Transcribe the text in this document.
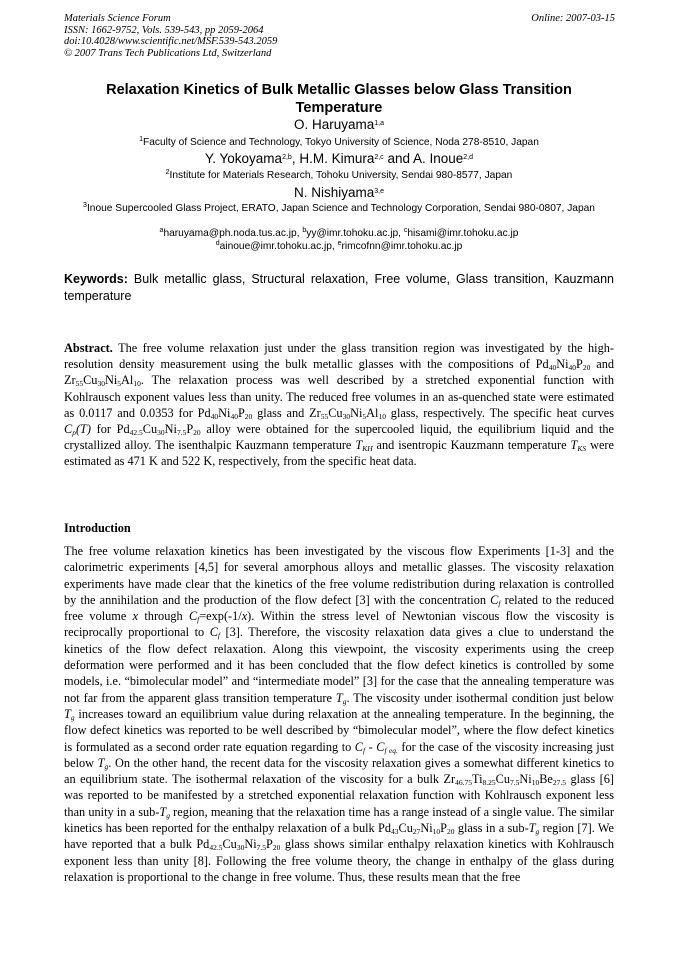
Materials Science Forum
ISSN: 1662-9752, Vols. 539-543, pp 2059-2064
doi:10.4028/www.scientific.net/MSF.539-543.2059
© 2007 Trans Tech Publications Ltd, Switzerland
Online: 2007-03-15
Relaxation Kinetics of Bulk Metallic Glasses below Glass Transition Temperature
O. Haruyama$^{1,a}$
$^1$Faculty of Science and Technology, Tokyo University of Science, Noda 278-8510, Japan
Y. Yokoyama$^{2,b}$, H.M. Kimura$^{2,c}$ and A. Inoue$^{2,d}$
$^2$Institute for Materials Research, Tohoku University, Sendai 980-8577, Japan
N. Nishiyama$^{3,e}$
$^3$Inoue Supercooled Glass Project, ERATO, Japan Science and Technology Corporation, Sendai 980-0807, Japan
$^a$haruyama@ph.noda.tus.ac.jp, $^b$yy@imr.tohoku.ac.jp, $^c$hisami@imr.tohoku.ac.jp
$^d$ainoue@imr.tohoku.ac.jp, $^e$rimcofnn@imr.tohoku.ac.jp
Keywords: Bulk metallic glass, Structural relaxation, Free volume, Glass transition, Kauzmann temperature
Abstract. The free volume relaxation just under the glass transition region was investigated by the high-resolution density measurement using the bulk metallic glasses with the compositions of $Pd_{40}Ni_{40}P_{20}$ and $Zr_{55}Cu_{30}Ni_5Al_{10}$. The relaxation process was well described by a stretched exponential function with Kohlrausch exponent values less than unity. The reduced free volumes in an as-quenched state were estimated as 0.0117 and 0.0353 for $Pd_{40}Ni_{40}P_{20}$ glass and $Zr_{55}Cu_{30}Ni_5Al_{10}$ glass, respectively. The specific heat curves $C_p(T)$ for $Pd_{42.5}Cu_{30}Ni_{7.5}P_{20}$ alloy were obtained for the supercooled liquid, the equilibrium liquid and the crystallized alloy. The isenthalpic Kauzmann temperature $T_{KH}$ and isentropic Kauzmann temperature $T_{KS}$ were estimated as 471 K and 522 K, respectively, from the specific heat data.
Introduction
The free volume relaxation kinetics has been investigated by the viscous flow Experiments [1-3] and the calorimetric experiments [4,5] for several amorphous alloys and metallic glasses. The viscosity relaxation experiments have made clear that the kinetics of the free volume redistribution during relaxation is controlled by the annihilation and the production of the flow defect [3] with the concentration $C_f$ related to the reduced free volume x through $C_f=\exp(-1/x)$. Within the stress level of Newtonian viscous flow the viscosity is reciprocally proportional to $C_f$ [3]. Therefore, the viscosity relaxation data gives a clue to understand the kinetics of the flow defect relaxation. Along this viewpoint, the viscosity experiments using the creep deformation were performed and it has been concluded that the flow defect kinetics is controlled by some models, i.e. “bimolecular model” and “intermediate model” [3] for the case that the annealing temperature was not far from the apparent glass transition temperature $T_g$. The viscosity under isothermal condition just below $T_g$ increases toward an equilibrium value during relaxation at the annealing temperature. In the beginning, the flow defect kinetics was reported to be well described by “bimolecular model”, where the flow defect kinetics is formulated as a second order rate equation regarding to $C_f - C_{f eq.}$ for the case of the viscosity increasing just below $T_g$. On the other hand, the recent data for the viscosity relaxation gives a somewhat different kinetics to an equilibrium state. The isothermal relaxation of the viscosity for a bulk $Zr_{46.75}Ti_{8.25}Cu_{7.5}Ni_{10}Be_{27.5}$ glass [6] was reported to be manifested by a stretched exponential relaxation function with Kohlrausch exponent less than unity in a sub-$T_g$ region, meaning that the relaxation time has a range instead of a single value. The similar kinetics has been reported for the enthalpy relaxation of a bulk $Pd_{43}Cu_{27}Ni_{10}P_{20}$ glass in a sub-$T_g$ region [7]. We have reported that a bulk $Pd_{42.5}Cu_{30}Ni_{7.5}P_{20}$ glass shows similar enthalpy relaxation kinetics with Kohlrausch exponent less than unity [8]. Following the free volume theory, the change in enthalpy of the glass during relaxation is proportional to the change in free volume. Thus, these results mean that the free
